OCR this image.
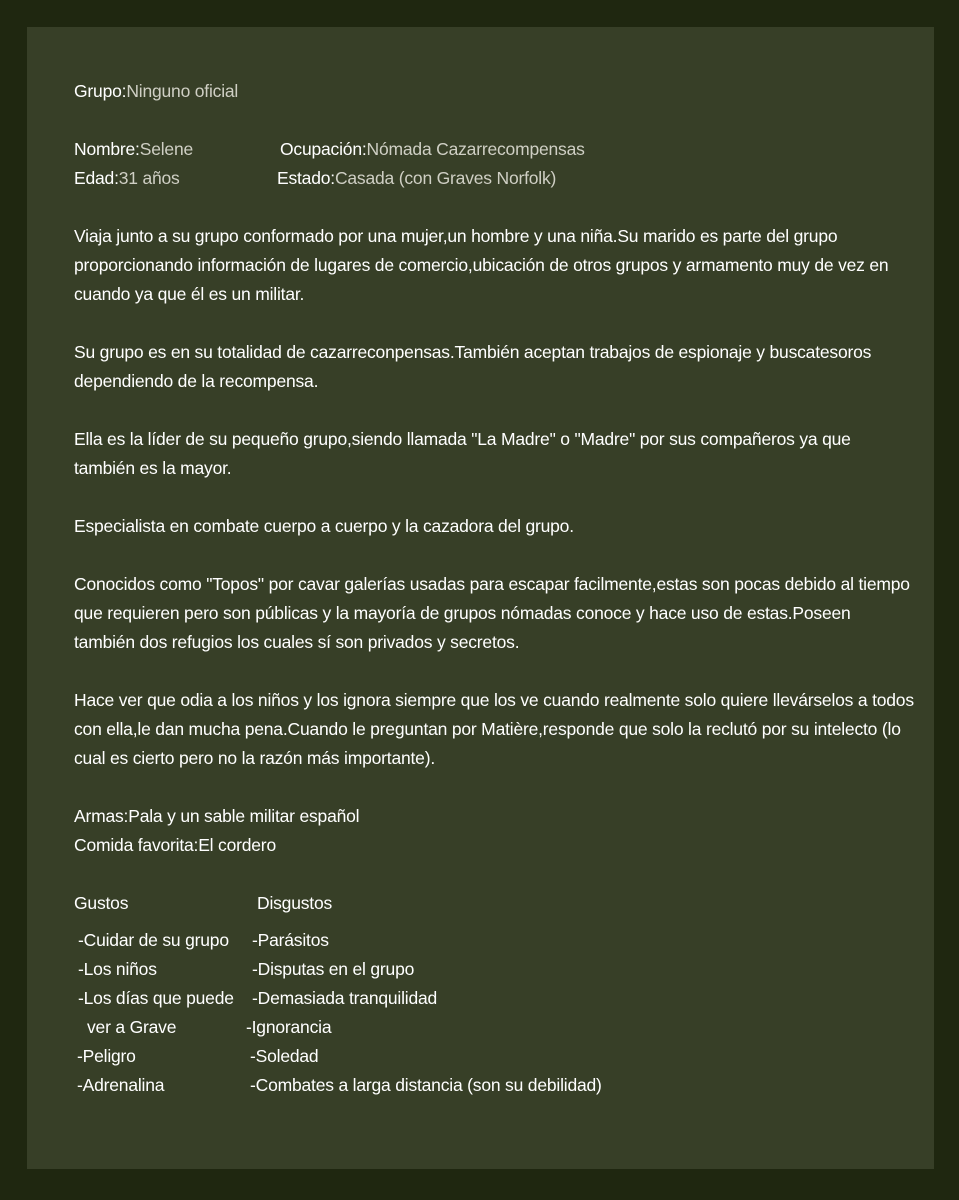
Grupo:Ninguno oficial
Nombre:Selene	Ocupación:Nómada Cazarrecompensas
Edad:31 años	Estado:Casada (con Graves Norfolk)

Viaja junto a su grupo conformado por una mujer,un hombre y una niña.Su marido es parte del grupo proporcionando información de lugares de comercio,ubicación de otros grupos y armamento muy de vez en cuando ya que él es un militar.

Su grupo es en su totalidad de cazarreconpensas.También aceptan trabajos de espionaje y buscatesoros dependiendo de la recompensa.

Ella es la líder de su pequeño grupo,siendo llamada "La Madre" o "Madre" por sus compañeros ya que también es la mayor.

Especialista en combate cuerpo a cuerpo y la cazadora del grupo.

Conocidos como "Topos" por cavar galerías usadas para escapar facilmente,estas son pocas debido al tiempo que requieren pero son públicas y la mayoría de grupos nómadas conoce y hace uso de estas.Poseen también dos refugios los cuales sí son privados y secretos.

Hace ver que odia a los niños y los ignora siempre que los ve cuando realmente solo quiere llevárselos a todos con ella,le dan mucha pena.Cuando le preguntan por Matière,responde que solo la reclutó por su intelecto (lo cual es cierto pero no la razón más importante).

Armas:Pala y un sable militar español
Comida favorita:El cordero
Gustos	Disgustos
-Cuidar de su grupo -Parásitos
-Los niños	-Disputas en el grupo
-Los días que puede -Demasiada tranquilidad
ver a Grave	-Ignorancia
-Peligro	-Soledad
-Adrenalina	-Combates a larga distancia (son su debilidad)
